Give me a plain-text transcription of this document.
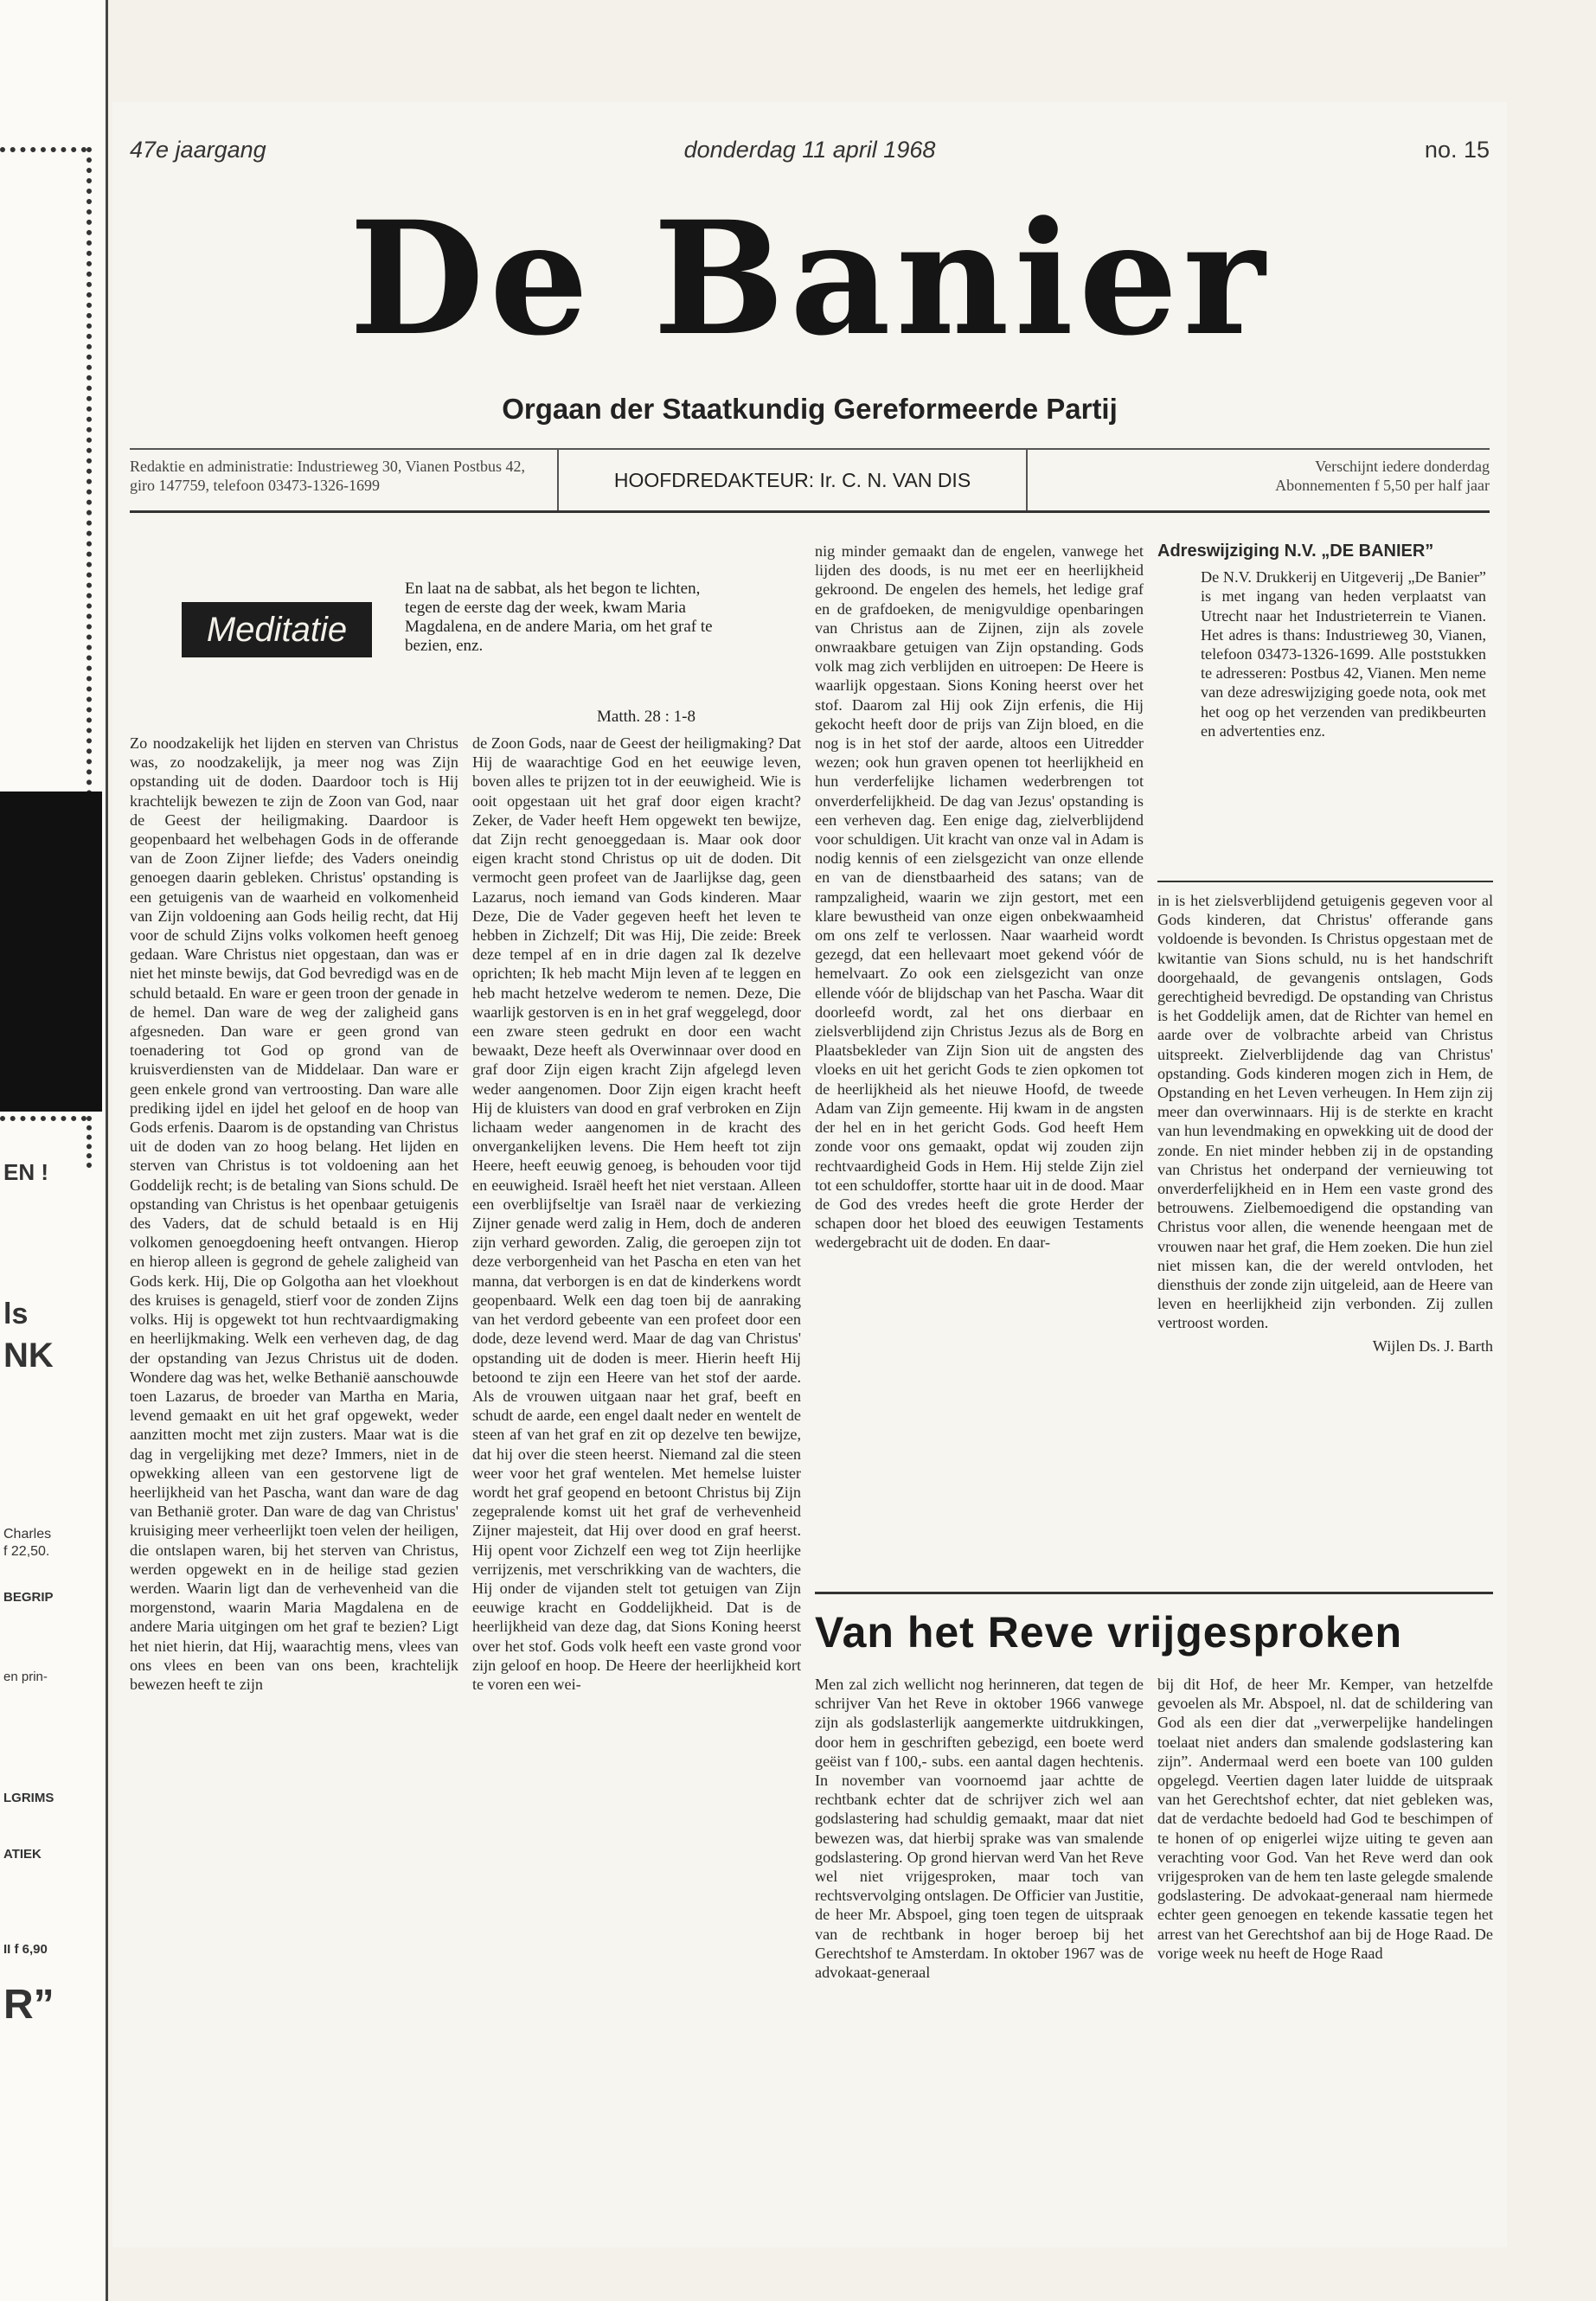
EN !
ls
NK
Charles
f 22,50.
BEGRIP
en prin-
LGRIMS
ATIEK
II f 6,90
R”
47e jaargang	donderdag 11 april 1968	no. 15
De Banier
Orgaan der Staatkundig Gereformeerde Partij
Redaktie en administratie: Industrieweg 30, Vianen Postbus 42, giro 147759, telefoon 03473-1326-1699	HOOFDREDAKTEUR: Ir. C. N. VAN DIS
Verschijnt iedere donderdag
Abonnementen f 5,50 per half jaar
Meditatie
En laat na de sabbat, als het begon te lichten, tegen de eerste dag der week, kwam Maria Magdalena, en de andere Maria, om het graf te bezien, enz.
Matth. 28 : 1-8

Zo noodzakelijk het lijden en sterven van Christus was, zo noodzakelijk, ja meer nog was Zijn opstanding uit de doden. Daardoor toch is Hij krachtelijk bewezen te zijn de Zoon van God, naar de Geest der heiligmaking. Daardoor is geopenbaard het welbehagen Gods in de offerande van de Zoon Zijner liefde; des Vaders oneindig genoegen daarin gebleken. Christus' opstanding is een getuigenis van de waarheid en volkomenheid van Zijn voldoening aan Gods heilig recht, dat Hij voor de schuld Zijns volks volkomen heeft genoeg gedaan. Ware Christus niet opgestaan, dan was er niet het minste bewijs, dat God bevredigd was en de schuld betaald. En ware er geen troon der genade in de hemel. Dan ware de weg der zaligheid gans afgesneden. Dan ware er geen grond van toenadering tot God op grond van de kruisverdiensten van de Middelaar. Dan ware er geen enkele grond van vertroosting. Dan ware alle prediking ijdel en ijdel het geloof en de hoop van Gods erfenis. Daarom is de opstanding van Christus uit de doden van zo hoog belang. Het lijden en sterven van Christus is tot voldoening aan het Goddelijk recht; is de betaling van Sions schuld. De opstanding van Christus is het openbaar getuigenis des Vaders, dat de schuld betaald is en Hij volkomen genoegdoening heeft ontvangen. Hierop en hierop alleen is gegrond de gehele zaligheid van Gods kerk. Hij, Die op Golgotha aan het vloekhout des kruises is genageld, stierf voor de zonden Zijns volks. Hij is opgewekt tot hun rechtvaardigmaking en heerlijkmaking. Welk een verheven dag, de dag der opstanding van Jezus Christus uit de doden. Wondere dag was het, welke Bethanië aanschouwde toen Lazarus, de broeder van Martha en Maria, levend gemaakt en uit het graf opgewekt, weder aanzitten mocht met zijn zusters. Maar wat is die dag in vergelijking met deze? Immers, niet in de opwekking alleen van een gestorvene ligt de heerlijkheid van het Pascha, want dan ware de dag van Bethanië groter. Dan ware de dag van Christus' kruisiging meer verheerlijkt toen velen der heiligen, die ontslapen waren, bij het sterven van Christus, werden opgewekt en in de heilige stad gezien werden. Waarin ligt dan de verhevenheid van die morgenstond, waarin Maria Magdalena en de andere Maria uitgingen om het graf te bezien? Ligt het niet hierin, dat Hij, waarachtig mens, vlees van ons vlees en been van ons been, krachtelijk bewezen heeft te zijn

de Zoon Gods, naar de Geest der heiligmaking? Dat Hij de waarachtige God en het eeuwige leven, boven alles te prijzen tot in der eeuwigheid. Wie is ooit opgestaan uit het graf door eigen kracht? Zeker, de Vader heeft Hem opgewekt ten bewijze, dat Zijn recht genoeggedaan is. Maar ook door eigen kracht stond Christus op uit de doden. Dit vermocht geen profeet van de Jaarlijkse dag, geen Lazarus, noch iemand van Gods kinderen. Maar Deze, Die de Vader gegeven heeft het leven te hebben in Zichzelf; Dit was Hij, Die zeide: Breek deze tempel af en in drie dagen zal Ik dezelve oprichten; Ik heb macht Mijn leven af te leggen en heb macht hetzelve wederom te nemen. Deze, Die waarlijk gestorven is en in het graf weggelegd, door een zware steen gedrukt en door een wacht bewaakt, Deze heeft als Overwinnaar over dood en graf door Zijn eigen kracht Zijn afgelegd leven weder aangenomen. Door Zijn eigen kracht heeft Hij de kluisters van dood en graf verbroken en Zijn lichaam weder aangenomen in de kracht des onvergankelijken levens. Die Hem heeft tot zijn Heere, heeft eeuwig genoeg, is behouden voor tijd en eeuwigheid. Israël heeft het niet verstaan. Alleen een overblijfseltje van Israël naar de verkiezing Zijner genade werd zalig in Hem, doch de anderen zijn verhard geworden. Zalig, die geroepen zijn tot deze verborgenheid van het Pascha en eten van het manna, dat verborgen is en dat de kinderkens wordt geopenbaard. Welk een dag toen bij de aanraking van het verdord gebeente van een profeet door een dode, deze levend werd. Maar de dag van Christus' opstanding uit de doden is meer. Hierin heeft Hij betoond te zijn een Heere van het stof der aarde. Als de vrouwen uitgaan naar het graf, beeft en schudt de aarde, een engel daalt neder en wentelt de steen af van het graf en zit op dezelve ten bewijze, dat hij over die steen heerst. Niemand zal die steen weer voor het graf wentelen. Met hemelse luister wordt het graf geopend en betoont Christus bij Zijn zegepralende komst uit het graf de verhevenheid Zijner majesteit, dat Hij over dood en graf heerst. Hij opent voor Zichzelf een weg tot Zijn heerlijke verrijzenis, met verschrikking van de wachters, die Hij onder de vijanden stelt tot getuigen van Zijn eeuwige kracht en Goddelijkheid. Dat is de heerlijkheid van deze dag, dat Sions Koning heerst over het stof. Gods volk heeft een vaste grond voor zijn geloof en hoop. De Heere der heerlijkheid kort te voren een wei-

nig minder gemaakt dan de engelen, vanwege het lijden des doods, is nu met eer en heerlijkheid gekroond. De engelen des hemels, het ledige graf en de grafdoeken, de menigvuldige openbaringen van Christus aan de Zijnen, zijn als zovele onwraakbare getuigen van Zijn opstanding. Gods volk mag zich verblijden en uitroepen: De Heere is waarlijk opgestaan. Sions Koning heerst over het stof. Daarom zal Hij ook Zijn erfenis, die Hij gekocht heeft door de prijs van Zijn bloed, en die nog is in het stof der aarde, altoos een Uitredder wezen; ook hun graven openen tot heerlijkheid en hun verderfelijke lichamen wederbrengen tot onverderfelijkheid. De dag van Jezus' opstanding is een verheven dag. Een enige dag, zielverblijdend voor schuldigen. Uit kracht van onze val in Adam is nodig kennis of een zielsgezicht van onze ellende en van de dienstbaarheid des satans; van de rampzaligheid, waarin we zijn gestort, met een klare bewustheid van onze eigen onbekwaamheid om ons zelf te verlossen. Naar waarheid wordt gezegd, dat een hellevaart moet gekend vóór de hemelvaart. Zo ook een zielsgezicht van onze ellende vóór de blijdschap van het Pascha. Waar dit doorleefd wordt, zal het ons dierbaar en zielsverblijdend zijn Christus Jezus als de Borg en Plaatsbekleder van Zijn Sion uit de angsten des vloeks en uit het gericht Gods te zien opkomen tot de heerlijkheid als het nieuwe Hoofd, de tweede Adam van Zijn gemeente. Hij kwam in de angsten der hel en in het gericht Gods. God heeft Hem zonde voor ons gemaakt, opdat wij zouden zijn rechtvaardigheid Gods in Hem. Hij stelde Zijn ziel tot een schuldoffer, stortte haar uit in de dood. Maar de God des vredes heeft die grote Herder der schapen door het bloed des eeuwigen Testaments wedergebracht uit de doden. En daar-

Adreswijziging N.V. „DE BANIER”
De N.V. Drukkerij en Uitgeverij „De Banier” is met ingang van heden verplaatst van Utrecht naar het Industrieterrein te Vianen. Het adres is thans: Industrieweg 30, Vianen, telefoon 03473-1326-1699. Alle poststukken te adresseren: Postbus 42, Vianen. Men neme van deze adreswijziging goede nota, ook met het oog op het verzenden van predikbeurten en advertenties enz.

in is het zielsverblijdend getuigenis gegeven voor al Gods kinderen, dat Christus' offerande gans voldoende is bevonden. Is Christus opgestaan met de kwitantie van Sions schuld, nu is het handschrift doorgehaald, de gevangenis ontslagen, Gods gerechtigheid bevredigd. De opstanding van Christus is het Goddelijk amen, dat de Richter van hemel en aarde over de volbrachte arbeid van Christus uitspreekt. Zielverblijdende dag van Christus' opstanding. Gods kinderen mogen zich in Hem, de Opstanding en het Leven verheugen. In Hem zijn zij meer dan overwinnaars. Hij is de sterkte en kracht van hun levendmaking en opwekking uit de dood der zonde. En niet minder hebben zij in de opstanding van Christus het onderpand der vernieuwing tot onverderfelijkheid en in Hem een vaste grond des betrouwens. Zielbemoedigend die opstanding van Christus voor allen, die wenende heengaan met de vrouwen naar het graf, die Hem zoeken. Die hun ziel niet missen kan, die der wereld ontvloden, het diensthuis der zonde zijn uitgeleid, aan de Heere van leven en heerlijkheid zijn verbonden. Zij zullen vertroost worden.

Wijlen Ds. J. Barth
Van het Reve vrijgesproken

Men zal zich wellicht nog herinneren, dat tegen de schrijver Van het Reve in oktober 1966 vanwege zijn als godslasterlijk aangemerkte uitdrukkingen, door hem in geschriften gebezigd, een boete werd geëist van f 100,- subs. een aantal dagen hechtenis. In november van voornoemd jaar achtte de rechtbank echter dat de schrijver zich wel aan godslastering had schuldig gemaakt, maar dat niet bewezen was, dat hierbij sprake was van smalende godslastering. Op grond hiervan werd Van het Reve wel niet vrijgesproken, maar toch van rechtsvervolging ontslagen. De Officier van Justitie, de heer Mr. Abspoel, ging toen tegen de uitspraak van de rechtbank in hoger beroep bij het Gerechtshof te Amsterdam. In oktober 1967 was de advokaat-generaal

bij dit Hof, de heer Mr. Kemper, van hetzelfde gevoelen als Mr. Abspoel, nl. dat de schildering van God als een dier dat „verwerpelijke handelingen toelaat niet anders dan smalende godslastering kan zijn”. Andermaal werd een boete van 100 gulden opgelegd. Veertien dagen later luidde de uitspraak van het Gerechtshof echter, dat niet gebleken was, dat de verdachte bedoeld had God te beschimpen of te honen of op enigerlei wijze uiting te geven aan verachting voor God. Van het Reve werd dan ook vrijgesproken van de hem ten laste gelegde smalende godslastering. De advokaat-generaal nam hiermede echter geen genoegen en tekende kassatie tegen het arrest van het Gerechtshof aan bij de Hoge Raad. De vorige week nu heeft de Hoge Raad
